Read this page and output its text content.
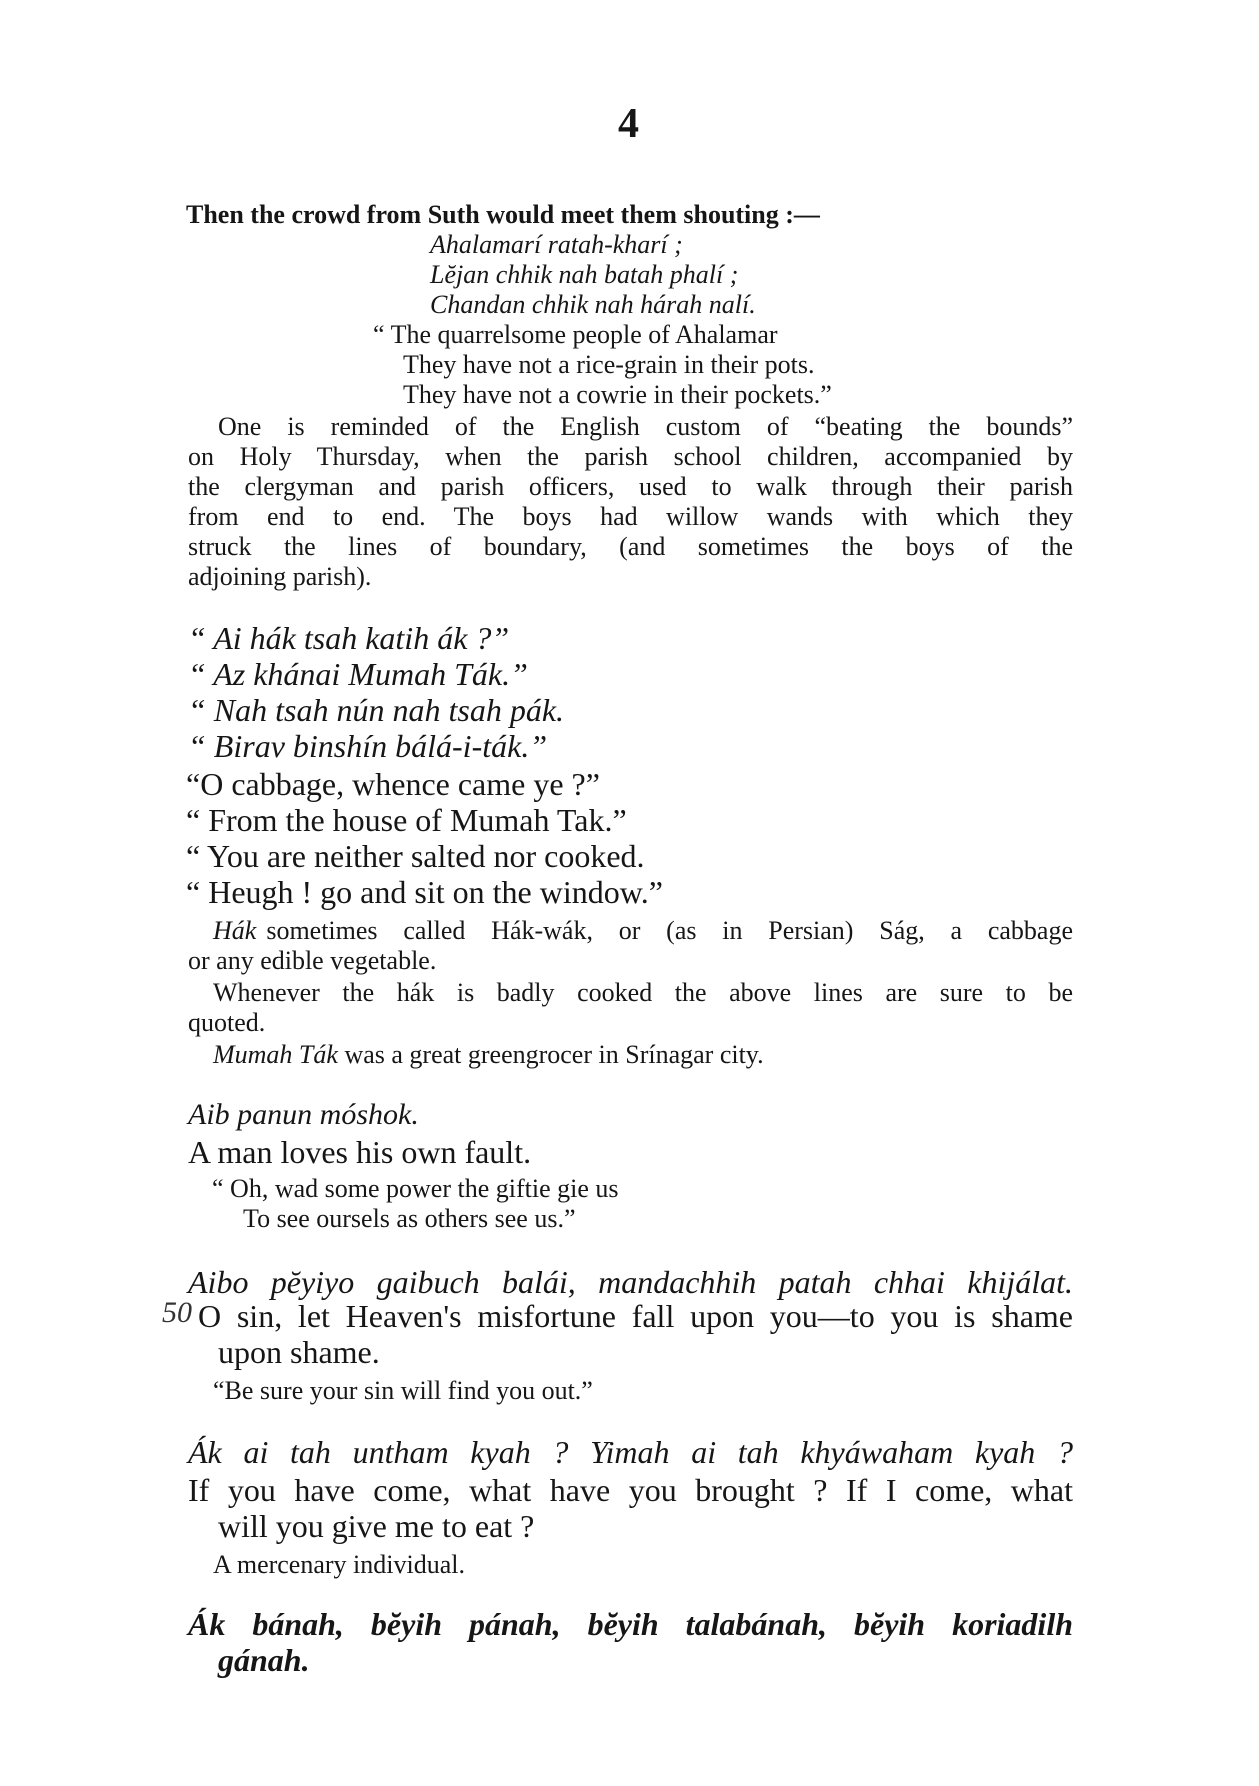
4
Then the crowd from Suth would meet them shouting :—
Ahalamarí ratah-kharí ;
Lĕjan chhik nah batah phalí ;
Chandan chhik nah hárah nalí.
“ The quarrelsome people of Ahalamar
They have not a rice-grain in their pots.
They have not a cowrie in their pockets.”
One is reminded of the English custom of “beating the bounds”
on Holy Thursday, when the parish school children, accompanied by
the clergyman and parish officers, used to walk through their parish
from end to end. The boys had willow wands with which they
struck the lines of boundary, (and sometimes the boys of the
adjoining parish).
“ Ai hák tsah katih ák ?”
“ Az khánai Mumah Ták.”
“ Nah tsah nún nah tsah pák.
“ Birav binshín bálá-i-ták.”
“O cabbage, whence came ye ?”
“ From the house of Mumah Tak.”
“ You are neither salted nor cooked.
“ Heugh ! go and sit on the window.”
Hák sometimes called Hák-wák, or (as in Persian) Ság, a cabbage
or any edible vegetable.
Whenever the hák is badly cooked the above lines are sure to be
quoted.
Mumah Ták was a great greengrocer in Srínagar city.
Aib panun móshok.
A man loves his own fault.
“ Oh, wad some power the giftie gie us
To see oursels as others see us.”
Aibo pĕyiyo gaibuch balái, mandachhih patah chhai khijálat.
50 O sin, let Heaven's misfortune fall upon you—to you is shame
upon shame.
“Be sure your sin will find you out.”
Ák ai tah untham kyah ? Yimah ai tah khyáwaham kyah ?
If you have come, what have you brought ? If I come, what
will you give me to eat ?
A mercenary individual.
Ák bánah, bĕyih pánah, bĕyih talabánah, bĕyih koriadilh
gánah.
